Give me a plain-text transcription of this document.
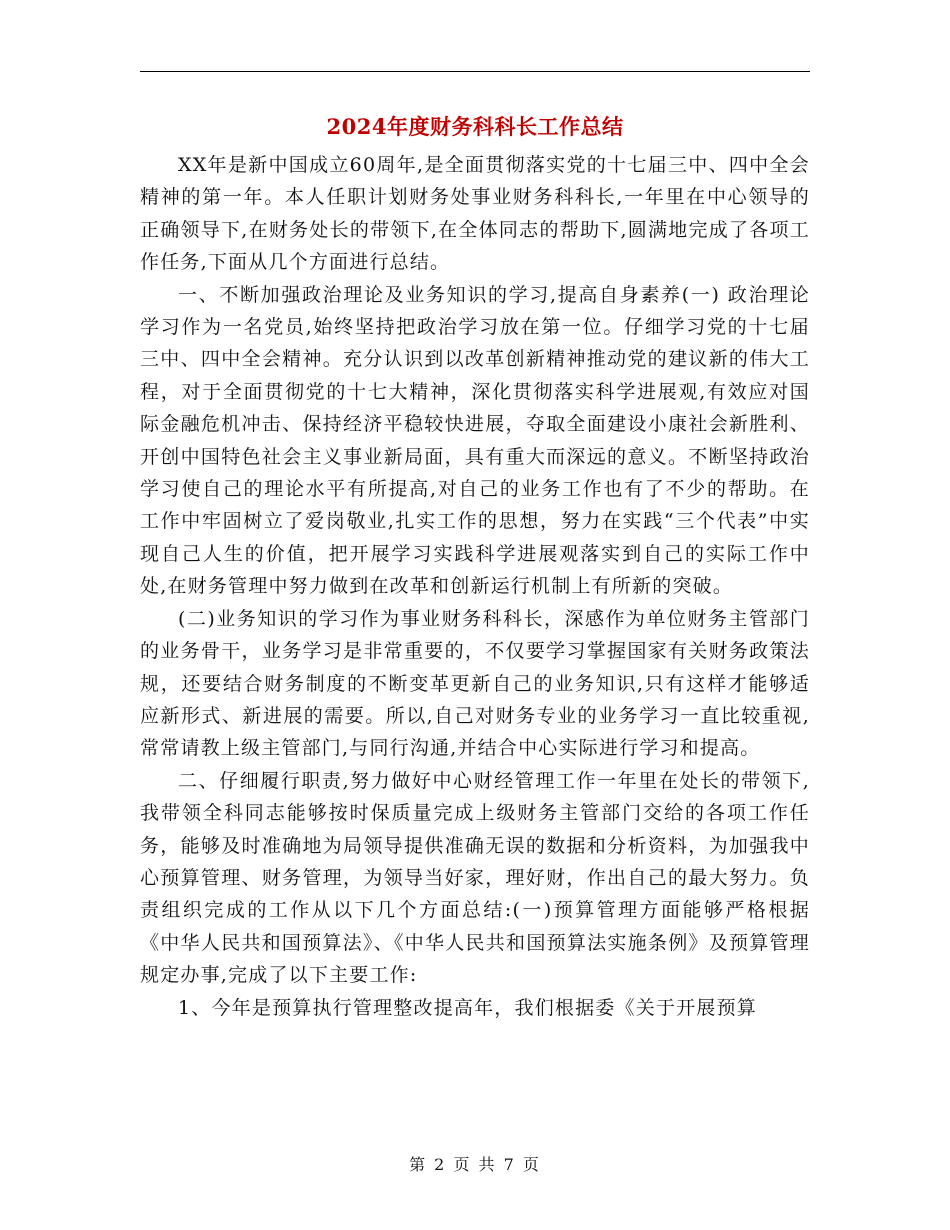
2024年度财务科科长工作总结

XX年是新中国成立60周年,是全面贯彻落实党的十七届三中、四中全会精神的第一年。本人任职计划财务处事业财务科科长,一年里在中心领导的正确领导下,在财务处长的带领下,在全体同志的帮助下,圆满地完成了各项工作任务,下面从几个方面进行总结。

一、不断加强政治理论及业务知识的学习,提高自身素养(一) 政治理论学习作为一名党员,始终坚持把政治学习放在第一位。仔细学习党的十七届三中、四中全会精神。充分认识到以改革创新精神推动党的建议新的伟大工程，对于全面贯彻党的十七大精神，深化贯彻落实科学进展观,有效应对国际金融危机冲击、保持经济平稳较快进展，夺取全面建设小康社会新胜利、开创中国特色社会主义事业新局面，具有重大而深远的意义。不断坚持政治学习使自己的理论水平有所提高,对自己的业务工作也有了不少的帮助。在工作中牢固树立了爱岗敬业,扎实工作的思想，努力在实践“三个代表”中实现自己人生的价值，把开展学习实践科学进展观落实到自己的实际工作中处,在财务管理中努力做到在改革和创新运行机制上有所新的突破。

(二)业务知识的学习作为事业财务科科长，深感作为单位财务主管部门的业务骨干，业务学习是非常重要的，不仅要学习掌握国家有关财务政策法规，还要结合财务制度的不断变革更新自己的业务知识,只有这样才能够适应新形式、新进展的需要。所以,自己对财务专业的业务学习一直比较重视,常常请教上级主管部门,与同行沟通,并结合中心实际进行学习和提高。

二、仔细履行职责,努力做好中心财经管理工作一年里在处长的带领下,我带领全科同志能够按时保质量完成上级财务主管部门交给的各项工作任务，能够及时准确地为局领导提供准确无误的数据和分析资料，为加强我中心预算管理、财务管理，为领导当好家，理好财，作出自己的最大努力。负责组织完成的工作从以下几个方面总结:(一)预算管理方面能够严格根据《中华人民共和国预算法》、《中华人民共和国预算法实施条例》及预算管理规定办事,完成了以下主要工作:

1、今年是预算执行管理整改提高年，我们根据委《关于开展预算

第 2 页 共 7 页
